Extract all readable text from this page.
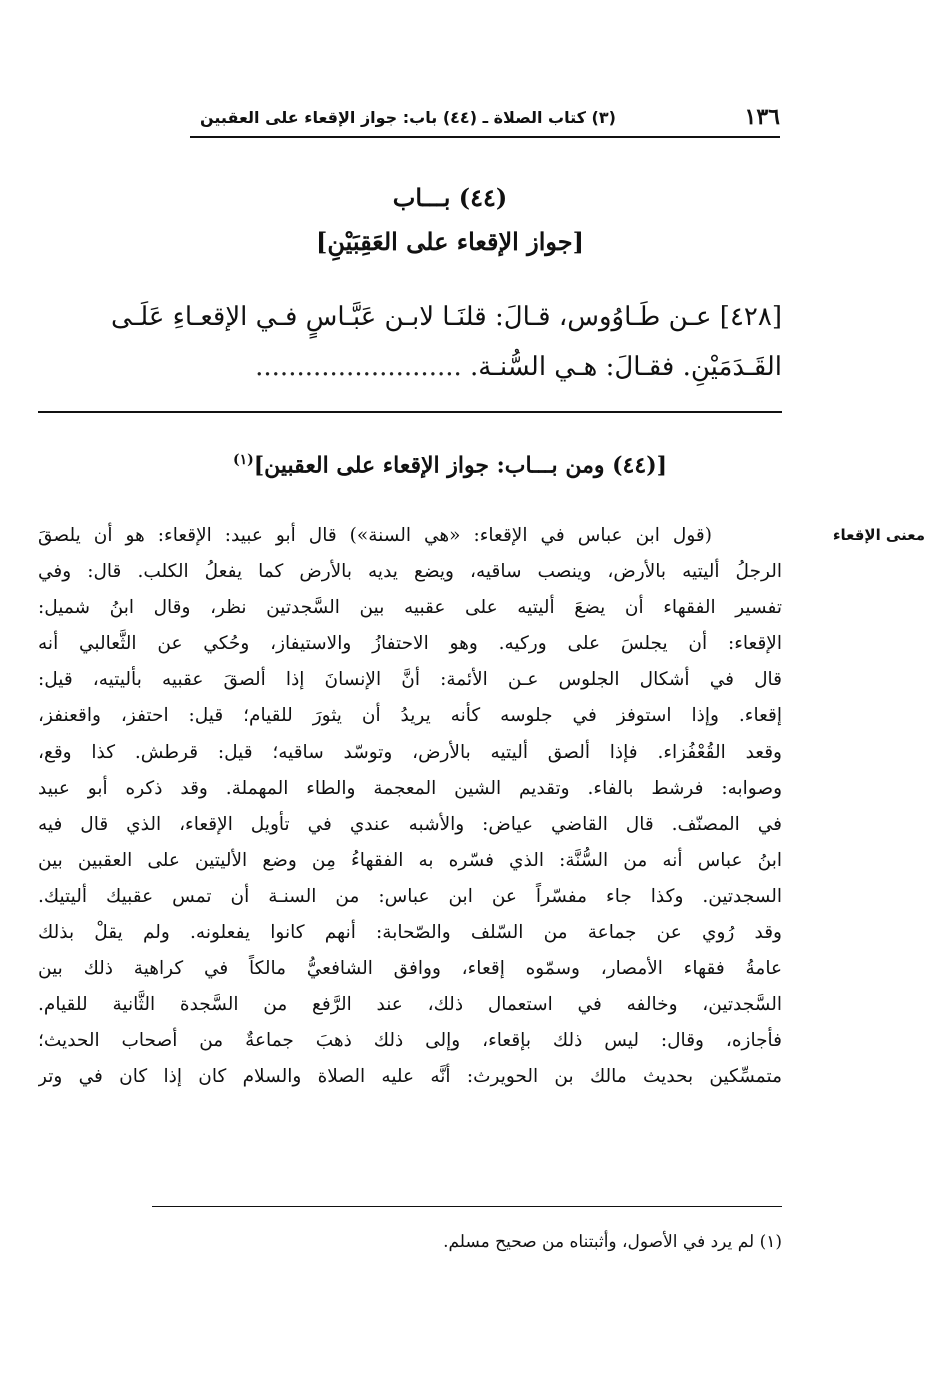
١٣٦
(٣) كتاب الصلاة ـ (٤٤) باب: جواز الإقعاء على العقبين
(٤٤) بـــاب
[جواز الإقعاء على العَقِبَيْنِ]
[٤٢٨] عـن طَـاوُوس، قـالَ: قلنَـا لابـن عَبَّـاسٍ فـي الإقعـاءِ عَلَـى
القَـدَمَيْنِ. فقـالَ: هـي السُّنـة. .........................
[(٤٤) ومن بـــاب: جواز الإقعاء على العقبين]$^{(١)}$
معنى الإقعاء
(قول ابن عباس في الإقعاء: «هي السنة») قال أبو عبيد: الإقعاء: هو أن يلصقَ
الرجلُ أليتيه بالأرض، وينصب ساقيه، ويضع يديه بالأرض كما يفعلُ الكلب. قال: وفي
تفسير الفقهاء أن يضعَ أليتيه على عقبيه بين السَّجدتين نظر، وقال ابنُ شميل:
الإقعاء: أن يجلسَ على وركيه. وهو الاحتفازُ والاستيفاز، وحُكي عن الثَّعالبي أنه
قال في أشكال الجلوس عـن الأئمة: أنَّ الإنسانَ إذا ألصقَ عقبيه بأليتيه، قيل:
إقعاء. وإذا استوفز في جلوسه كأنه يريدُ أن يثورَ للقيام؛ قيل: احتفز، واقعنفز،
وقعد القُعْفُزاء. فإذا ألصق أليتيه بالأرض، وتوسّد ساقيه؛ قيل: قرطش. كذا وقع،
وصوابه: فرشط بالفاء. وتقديم الشين المعجمة والطاء المهملة. وقد ذكره أبو عبيد
في المصنّف. قال القاضي عياض: والأشبه عندي في تأويل الإقعاء، الذي قال فيه
ابنُ عباس أنه من السُّنَّة: الذي فسّره به الفقهاءُ مِن وضع الأليتين على العقبين بين
السجدتين. وكذا جاء مفسّراً عن ابن عباس: من السنـة أن تمس عقبيك أليتيك.
وقد رُوي عن جماعة من السّلف والصّحابة: أنهم كانوا يفعلونه. ولم يقلْ بذلك
عامةُ فقهاء الأمصار، وسمّوه إقعاء، ووافق الشافعيُّ مالكاً في كراهية ذلك بين
السَّجدتين، وخالفه في استعمال ذلك، عند الرَّفع من السَّجدة الثَّانية للقيام.
فأجازه، وقال: ليس ذلك بإقعاء، وإلى ذلك ذهبَ جماعةٌ من أصحاب الحديث؛
متمسِّكين بحديث مالك بن الحويرث: أنَّه عليه الصلاة والسلام كان إذا كان في وتر
(١) لم يرد في الأصول، وأثبتناه من صحيح مسلم.
